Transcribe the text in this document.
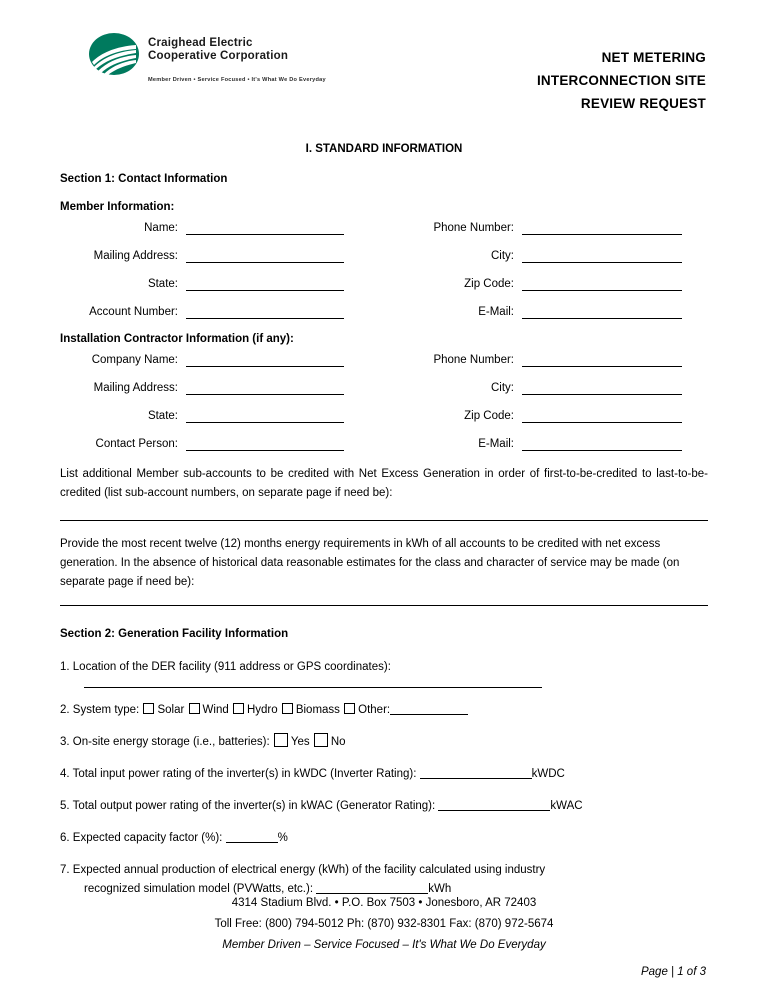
Craighead Electric
Cooperative Corporation
Member Driven • Service Focused • It's What We Do Everyday
NET METERING
INTERCONNECTION SITE
REVIEW REQUEST
I. STANDARD INFORMATION
Section 1: Contact Information
Member Information:
Name:	Phone Number:
Mailing Address:	City:
State:	Zip Code:
Account Number:	E-Mail:
Installation Contractor Information (if any):
Company Name:	Phone Number:
Mailing Address:	City:
State:	Zip Code:
Contact Person:	E-Mail:
List additional Member sub-accounts to be credited with Net Excess Generation in order of first-to-be-credited to last-to-be-credited (list sub-account numbers, on separate page if need be):
Provide the most recent twelve (12) months energy requirements in kWh of all accounts to be credited with net excess generation. In the absence of historical data reasonable estimates for the class and character of service may be made (on separate page if need be):
Section 2: Generation Facility Information
1. Location of the DER facility (911 address or GPS coordinates):
2. System type: Solar Wind Hydro Biomass Other:
3. On-site energy storage (i.e., batteries): Yes No
4. Total input power rating of the inverter(s) in kWDC (Inverter Rating):	kWDC
5. Total output power rating of the inverter(s) in kWAC (Generator Rating):	kWAC
6. Expected capacity factor (%):	%
7. Expected annual production of electrical energy (kWh) of the facility calculated using industry
recognized simulation model (PVWatts, etc.):	kWh
4314 Stadium Blvd. • P.O. Box 7503 • Jonesboro, AR 72403
Toll Free: (800) 794-5012 Ph: (870) 932-8301 Fax: (870) 972-5674
Member Driven – Service Focused – It's What We Do Everyday
Page | 1 of 3
